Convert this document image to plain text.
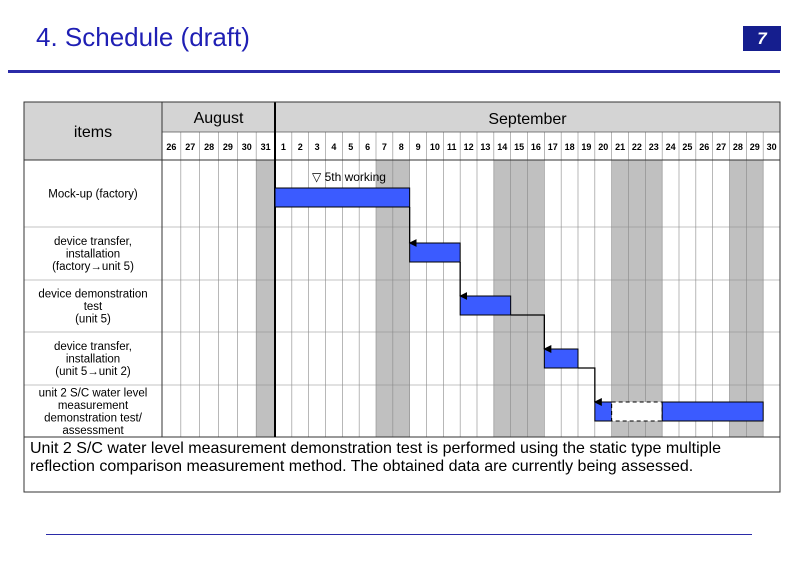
4. Schedule (draft)	7
items
August	September
26 27 28 29 30 31 1 2 3 4 5 6 7 8 9 10 11 12 13 14 15 16 17 18 19 20 21 22 23 24 25 26 27 28 29 30
Mock-up (factory)
device transfer,
installation
(factory→unit 5)
device demonstration
test
(unit 5)
device transfer,
installation
(unit 5→unit 2)
unit 2 S/C water level
measurement
demonstration test/
assessment
▽ 5th working
Unit 2 S/C water level measurement demonstration test is performed using the static type multiple reflection comparison measurement method. The obtained data are currently being assessed.
